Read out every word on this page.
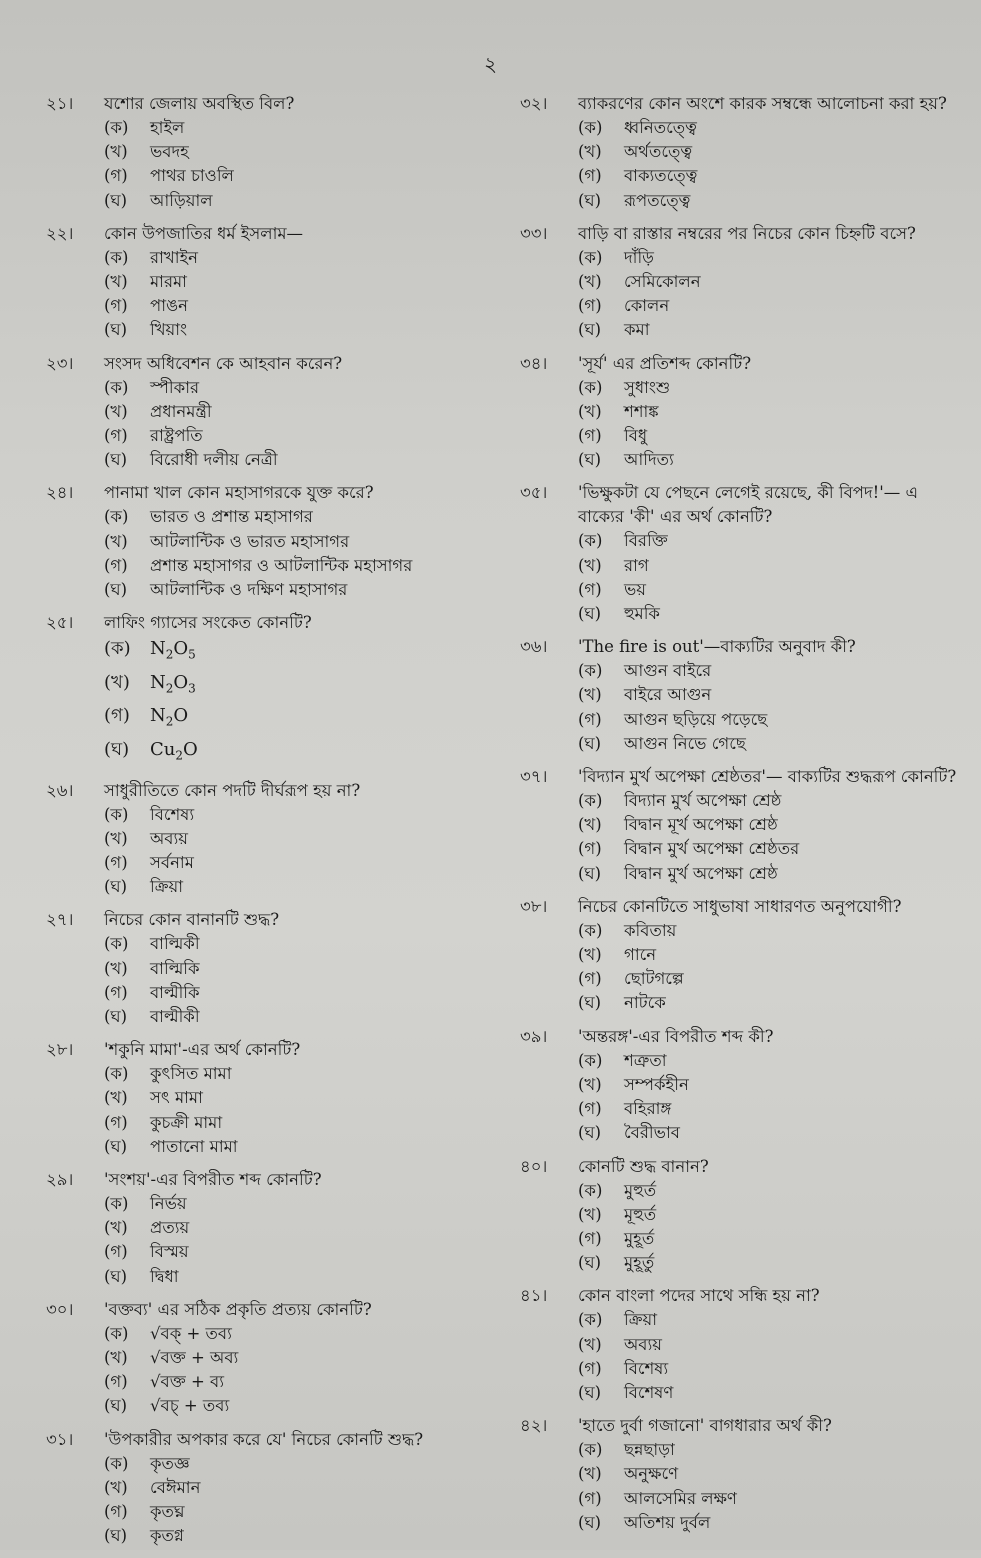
২
২১।	যশোর জেলায় অবস্থিত বিল?
(ক)	হাইল
(খ)	ভবদহ
(গ)	পাথর চাওলি
(ঘ)	আড়িয়াল
২২।	কোন উপজাতির ধর্ম ইসলাম—
(ক)	রাখাইন
(খ)	মারমা
(গ)	পাঙন
(ঘ)	খিয়াং
২৩।	সংসদ অধিবেশন কে আহবান করেন?
(ক)	স্পীকার
(খ)	প্রধানমন্ত্রী
(গ)	রাষ্ট্রপতি
(ঘ)	বিরোধী দলীয় নেত্রী
২৪।	পানামা খাল কোন মহাসাগরকে যুক্ত করে?
(ক)	ভারত ও প্রশান্ত মহাসাগর
(খ)	আটলান্টিক ও ভারত মহাসাগর
(গ)	প্রশান্ত মহাসাগর ও আটলান্টিক মহাসাগর
(ঘ)	আটলান্টিক ও দক্ষিণ মহাসাগর
২৫।	লাফিং গ্যাসের সংকেত কোনটি?
(ক)	$N_2O_5$
(খ)	$N_2O_3$
(গ)	$N_2O$
(ঘ)	$Cu_2O$
২৬।	সাধুরীতিতে কোন পদটি দীর্ঘরূপ হয় না?
(ক)	বিশেষ্য
(খ)	অব্যয়
(গ)	সর্বনাম
(ঘ)	ক্রিয়া
২৭।	নিচের কোন বানানটি শুদ্ধ?
(ক)	বাল্মিকী
(খ)	বাল্মিকি
(গ)	বাল্মীকি
(ঘ)	বাল্মীকী
২৮।	'শকুনি মামা'-এর অর্থ কোনটি?
(ক)	কুৎসিত মামা
(খ)	সৎ মামা
(গ)	কুচক্রী মামা
(ঘ)	পাতানো মামা
২৯।	'সংশয়'-এর বিপরীত শব্দ কোনটি?
(ক)	নির্ভয়
(খ)	প্রত্যয়
(গ)	বিস্ময়
(ঘ)	দ্বিধা
৩০।	'বক্তব্য' এর সঠিক প্রকৃতি প্রত্যয় কোনটি?
(ক)	√বক্ + তব্য
(খ)	√বক্ত + অব্য
(গ)	√বক্ত + ব্য
(ঘ)	√বচ্ + তব্য
৩১।	'উপকারীর অপকার করে যে' নিচের কোনটি শুদ্ধ?
(ক)	কৃতজ্ঞ
(খ)	বেঈমান
(গ)	কৃতঘ্ন
(ঘ)	কৃতগ্ন
৩২।	ব্যাকরণের কোন অংশে কারক সম্বন্ধে আলোচনা করা হয়?
(ক)	ধ্বনিতত্ত্বে
(খ)	অর্থতত্ত্বে
(গ)	বাক্যতত্ত্বে
(ঘ)	রূপতত্ত্বে
৩৩।	বাড়ি বা রাস্তার নম্বরের পর নিচের কোন চিহ্নটি বসে?
(ক)	দাঁড়ি
(খ)	সেমিকোলন
(গ)	কোলন
(ঘ)	কমা
৩৪।	'সূর্য' এর প্রতিশব্দ কোনটি?
(ক)	সুধাংশু
(খ)	শশাঙ্ক
(গ)	বিধু
(ঘ)	আদিত্য
৩৫।	'ভিক্ষুকটা যে পেছনে লেগেই রয়েছে, কী বিপদ!'— এ বাক্যের 'কী' এর অর্থ কোনটি?
(ক)	বিরক্তি
(খ)	রাগ
(গ)	ভয়
(ঘ)	হুমকি
৩৬।	'The fire is out'—বাক্যটির অনুবাদ কী?
(ক)	আগুন বাইরে
(খ)	বাইরে আগুন
(গ)	আগুন ছড়িয়ে পড়েছে
(ঘ)	আগুন নিভে গেছে
৩৭।	'বিদ্যান মুর্খ অপেক্ষা শ্রেষ্ঠতর'— বাক্যটির শুদ্ধরূপ কোনটি?
(ক)	বিদ্যান মুর্খ অপেক্ষা শ্রেষ্ঠ
(খ)	বিদ্বান মূর্খ অপেক্ষা শ্রেষ্ঠ
(গ)	বিদ্বান মুর্খ অপেক্ষা শ্রেষ্ঠতর
(ঘ)	বিদ্বান মুর্খ অপেক্ষা শ্রেষ্ঠ
৩৮।	নিচের কোনটিতে সাধুভাষা সাধারণত অনুপযোগী?
(ক)	কবিতায়
(খ)	গানে
(গ)	ছোটগল্পে
(ঘ)	নাটকে
৩৯।	'অন্তরঙ্গ'-এর বিপরীত শব্দ কী?
(ক)	শত্রুতা
(খ)	সম্পর্কহীন
(গ)	বহিরাঙ্গ
(ঘ)	বৈরীভাব
৪০।	কোনটি শুদ্ধ বানান?
(ক)	মুহুর্ত
(খ)	মূহুর্ত
(গ)	মুহূর্ত
(ঘ)	মুহূর্তু
৪১।	কোন বাংলা পদের সাথে সন্ধি হয় না?
(ক)	ক্রিয়া
(খ)	অব্যয়
(গ)	বিশেষ্য
(ঘ)	বিশেষণ
৪২।	'হাতে দুর্বা গজানো' বাগধারার অর্থ কী?
(ক)	ছন্নছাড়া
(খ)	অনুক্ষণে
(গ)	আলসেমির লক্ষণ
(ঘ)	অতিশয় দুর্বল
